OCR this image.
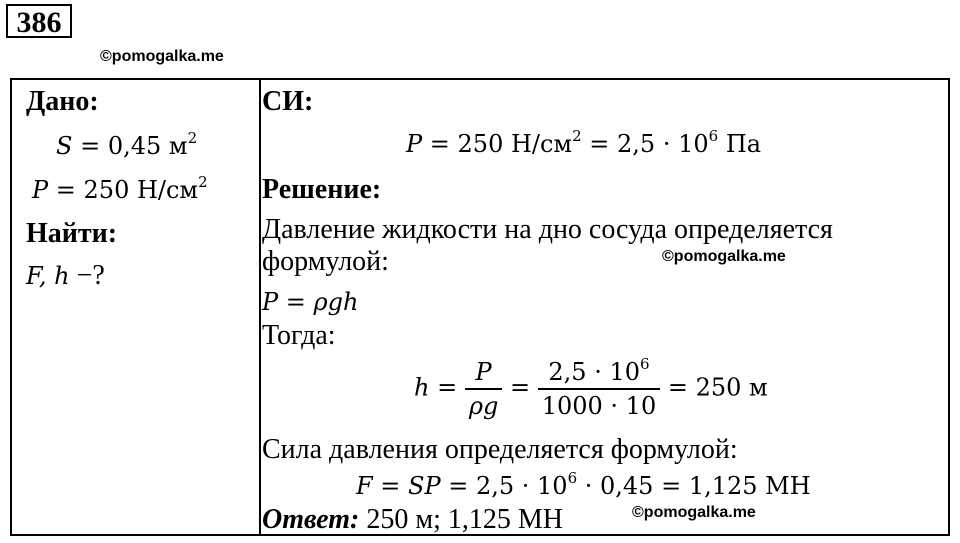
386
©pomogalka.me
Дано:
S = 0,45 $м^2$
P = 250 $Н/см^2$
Найти:
F, h −?
СИ:
P = 250 $Н/см^2 = 2,5 \cdot 10^6$ Па
Решение:
Давление жидкости на дно сосуда определяется
формулой:	©pomogalka.me
P = ρgh
Тогда:
$h = \frac{P}{\rho g} = \frac{2,5 \cdot 10^6}{1000 \cdot 10} = 250$ м
Сила давления определяется формулой:
F = SP = $2,5 \cdot 10^6 \cdot 0,45 = 1,125$ МН
Ответ: 250 м; 1,125 МН	©pomogalka.me
